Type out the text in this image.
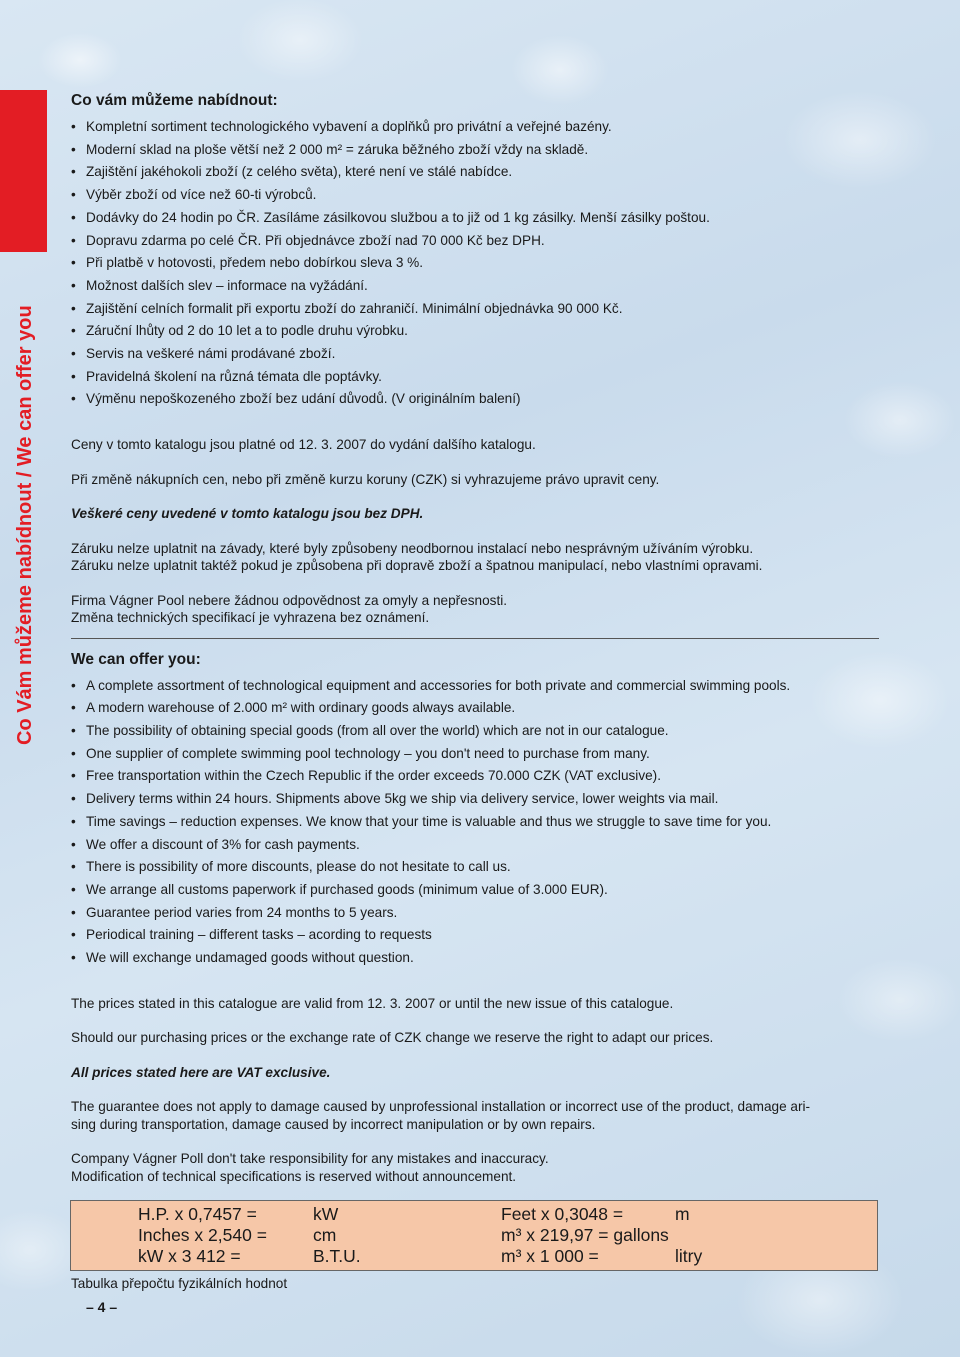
Co Vám můžeme nabídnout / We can offer you
Co vám můžeme nabídnout:
• Kompletní sortiment technologického vybavení a doplňků pro privátní a veřejné bazény.
• Moderní sklad na ploše větší než 2 000 m² = záruka běžného zboží vždy na skladě.
• Zajištění jakéhokoli zboží (z celého světa), které není ve stálé nabídce.
• Výběr zboží od více než 60-ti výrobců.
• Dodávky do 24 hodin po ČR. Zasíláme zásilkovou službou a to již od 1 kg zásilky. Menší zásilky poštou.
• Dopravu zdarma po celé ČR. Při objednávce zboží nad 70 000 Kč bez DPH.
• Při platbě v hotovosti, předem nebo dobírkou sleva 3 %.
• Možnost dalších slev – informace na vyžádání.
• Zajištění celních formalit při exportu zboží do zahraničí. Minimální objednávka 90 000 Kč.
• Záruční lhůty od 2 do 10 let a to podle druhu výrobku.
• Servis na veškeré námi prodávané zboží.
• Pravidelná školení na různá témata dle poptávky.
• Výměnu nepoškozeného zboží bez udání důvodů. (V originálním balení)

Ceny v tomto katalogu jsou platné od 12. 3. 2007 do vydání dalšího katalogu.

Při změně nákupních cen, nebo při změně kurzu koruny (CZK) si vyhrazujeme právo upravit ceny.

Veškeré ceny uvedené v tomto katalogu jsou bez DPH.

Záruku nelze uplatnit na závady, které byly způsobeny neodbornou instalací nebo nesprávným užíváním výrobku.

Záruku nelze uplatnit taktéž pokud je způsobena při dopravě zboží a špatnou manipulací, nebo vlastními opravami.

Firma Vágner Pool nebere žádnou odpovědnost za omyly a nepřesnosti.

Změna technických specifikací je vyhrazena bez oznámení.

We can offer you:
• A complete assortment of technological equipment and accessories for both private and commercial swimming pools.
• A modern warehouse of 2.000 m² with ordinary goods always available.
• The possibility of obtaining special goods (from all over the world) which are not in our catalogue.
• One supplier of complete swimming pool technology – you don't need to purchase from many.
• Free transportation within the Czech Republic if the order exceeds 70.000 CZK (VAT exclusive).
• Delivery terms within 24 hours. Shipments above 5kg we ship via delivery service, lower weights via mail.
• Time savings – reduction expenses. We know that your time is valuable and thus we struggle to save time for you.
• We offer a discount of 3% for cash payments.
• There is possibility of more discounts, please do not hesitate to call us.
• We arrange all customs paperwork if purchased goods (minimum value of 3.000 EUR).
• Guarantee period varies from 24 months to 5 years.
• Periodical training – different tasks – acording to requests
• We will exchange undamaged goods without question.

The prices stated in this catalogue are valid from 12. 3. 2007 or until the new issue of this catalogue.

Should our purchasing prices or the exchange rate of CZK change we reserve the right to adapt our prices.

All prices stated here are VAT exclusive.

The guarantee does not apply to damage caused by unprofessional installation or incorrect use of the product, damage ari-

sing during transportation, damage caused by incorrect manipulation or by own repairs.

Company Vágner Poll don't take responsibility for any mistakes and inaccuracy.

Modification of technical specifications is reserved without announcement.

H.P. x 0,7457 =	kW	Feet x 0,3048 =	m
Inches x 2,540 =	cm	m³ x 219,97 = gallons
kW x 3 412 =	B.T.U.	m³ x 1 000 =	litry
Tabulka přepočtu fyzikálních hodnot
– 4 –
